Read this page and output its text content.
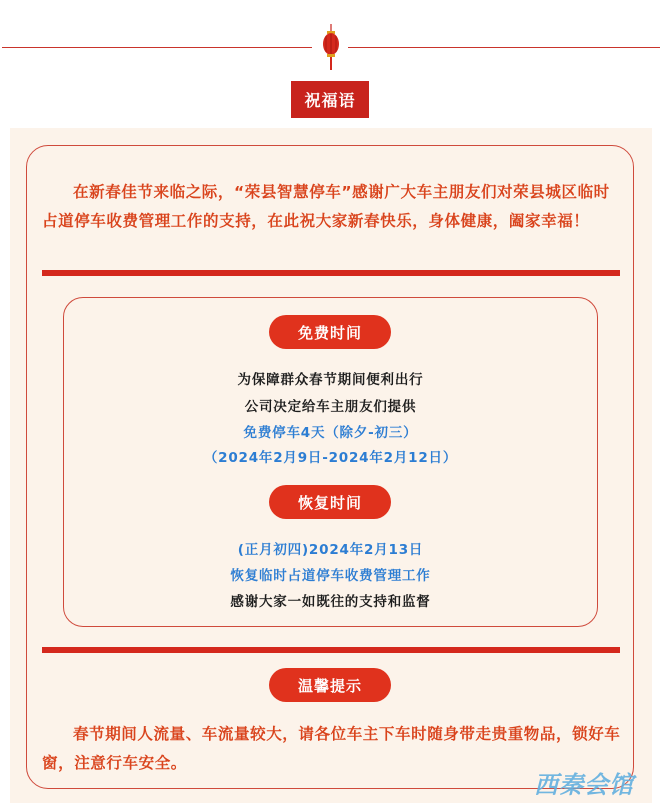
祝福语

在新春佳节来临之际，“荣县智慧停车”感谢广大车主朋友们对荣县城区临时占道停车收费管理工作的支持，在此祝大家新春快乐，身体健康，阖家幸福！

免费时间
为保障群众春节期间便利出行
公司决定给车主朋友们提供
免费停车4天（除夕-初三）
（2024年2月9日-2024年2月12日）
恢复时间
(正月初四)2024年2月13日
恢复临时占道停车收费管理工作
感谢大家一如既往的支持和监督
温馨提示

春节期间人流量、车流量较大，请各位车主下车时随身带走贵重物品，锁好车窗，注意行车安全。

西秦会馆
